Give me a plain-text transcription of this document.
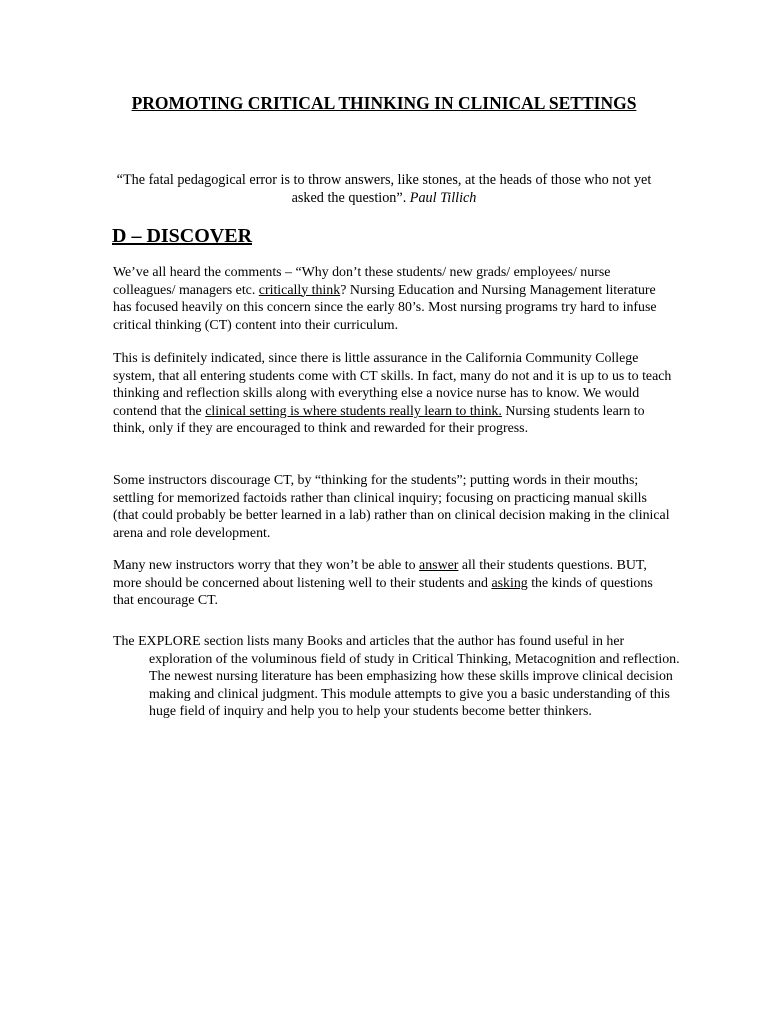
PROMOTING CRITICAL THINKING IN CLINICAL SETTINGS

“The fatal pedagogical error is to throw answers, like stones, at the heads of those who not yet asked the question”. Paul Tillich

D – DISCOVER

We’ve all heard the comments – “Why don’t these students/ new grads/ employees/ nurse colleagues/ managers etc. critically think? Nursing Education and Nursing Management literature has focused heavily on this concern since the early 80’s. Most nursing programs try hard to infuse critical thinking (CT) content into their curriculum.

This is definitely indicated, since there is little assurance in the California Community College system, that all entering students come with CT skills. In fact, many do not and it is up to us to teach thinking and reflection skills along with everything else a novice nurse has to know. We would contend that the clinical setting is where students really learn to think. Nursing students learn to think, only if they are encouraged to think and rewarded for their progress.

Some instructors discourage CT, by “thinking for the students”; putting words in their mouths; settling for memorized factoids rather than clinical inquiry; focusing on practicing manual skills (that could probably be better learned in a lab) rather than on clinical decision making in the clinical arena and role development.

Many new instructors worry that they won’t be able to answer all their students questions. BUT, more should be concerned about listening well to their students and asking the kinds of questions that encourage CT.

The EXPLORE section lists many Books and articles that the author has found useful in her exploration of the voluminous field of study in Critical Thinking, Metacognition and reflection. The newest nursing literature has been emphasizing how these skills improve clinical decision making and clinical judgment. This module attempts to give you a basic understanding of this huge field of inquiry and help you to help your students become better thinkers.
